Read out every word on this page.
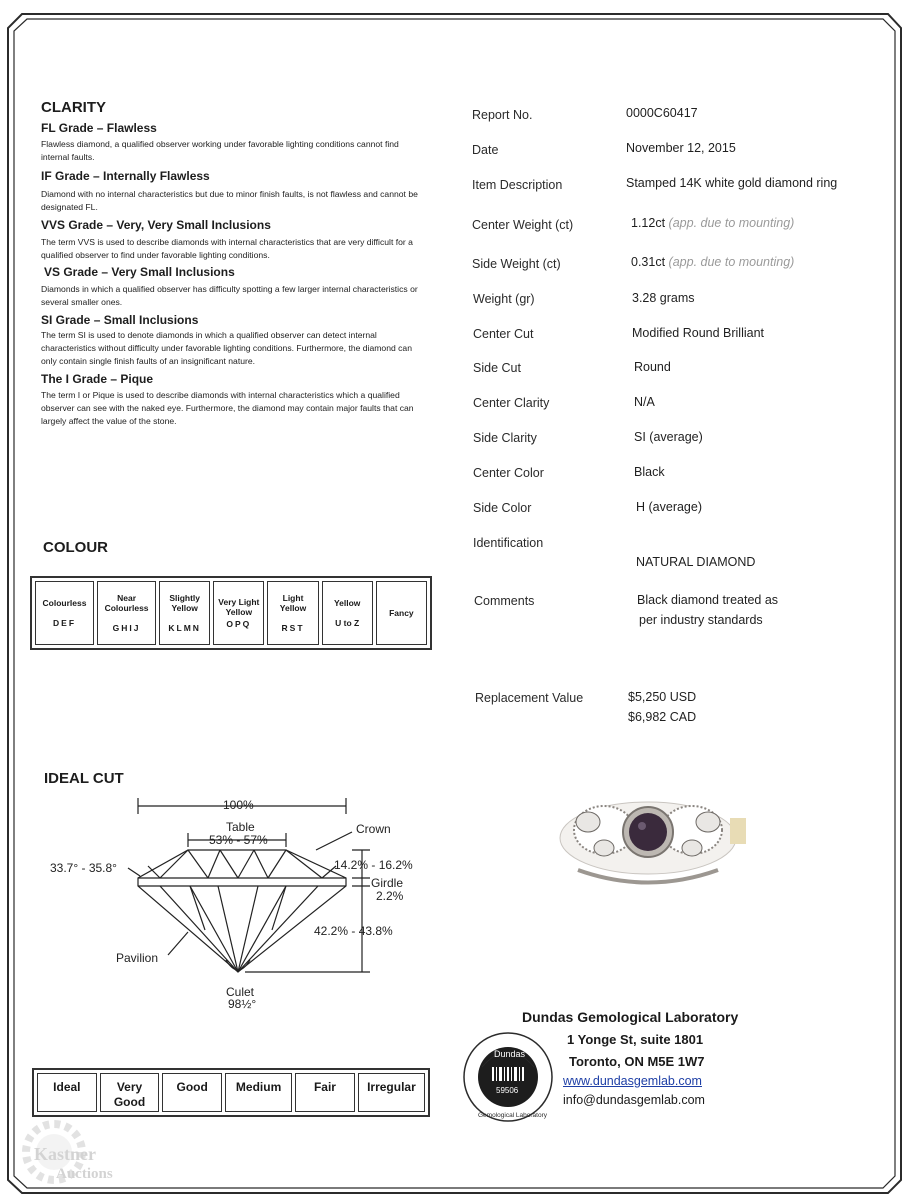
CLARITY
FL Grade – Flawless
Flawless diamond, a qualified observer working under favorable lighting conditions cannot find internal faults.
IF Grade – Internally Flawless
Diamond with no internal characteristics but due to minor finish faults, is not flawless and cannot be designated FL.
VVS Grade – Very, Very Small Inclusions
The term VVS is used to describe diamonds with internal characteristics that are very difficult for a qualified observer to find under favorable lighting conditions.
VS Grade – Very Small Inclusions
Diamonds in which a qualified observer has difficulty spotting a few larger internal characteristics or several smaller ones.
SI Grade – Small Inclusions
The term SI is used to denote diamonds in which a qualified observer can detect internal characteristics without difficulty under favorable lighting conditions. Furthermore, the diamond can only contain single finish faults of an insignificant nature.
The I Grade – Pique
The term I or Pique is used to describe diamonds with internal characteristics which a qualified observer can see with the naked eye. Furthermore, the diamond may contain major faults that can largely affect the value of the stone.
COLOUR
Colourless
DEF
	Near Colourless
GHIJ
	Slightly Yellow
KLMN
	Very Light Yellow
OPQ
	Light Yellow
RST
	Yellow
U to Z
	Fancy
IDEAL CUT
100%
Table
53% - 57%
Crown
33.7° - 35.8°	14.2% - 16.2%
Girdle
2.2%
42.2% - 43.8%
Pavilion
Culet
98½°
Ideal	Very Good	Good	Medium	Fair	Irregular
Report No.	0000C60417
Date	November 12, 2015
Item Description	Stamped 14K white gold diamond ring
Center Weight (ct)	1.12ct (app. due to mounting)
Side Weight (ct)	0.31ct (app. due to mounting)
Weight (gr)	3.28 grams
Center Cut	Modified Round Brilliant
Side Cut	Round
Center Clarity	N/A
Side Clarity	SI (average)
Center Color	Black
Side Color	H (average)
Identification
NATURAL DIAMOND
Comments	Black diamond treated as
per industry standards
Replacement Value	$5,250 USD
$6,982 CAD
Dundas
59506
Gemological Laboratory
Dundas Gemological Laboratory
1 Yonge St, suite 1801
Toronto, ON M5E 1W7
www.dundasgemlab.com
info@dundasgemlab.com
Kastner
Auctions
